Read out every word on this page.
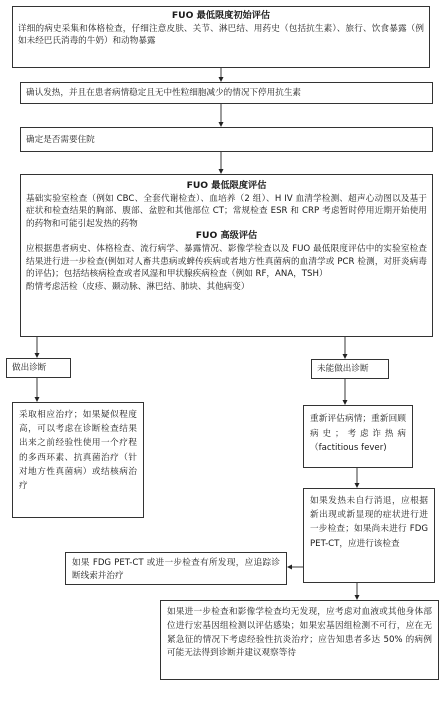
FUO 最低限度初始评估

详细的病史采集和体格检查，仔细注意皮肤、关节、淋巴结、用药史（包括抗生素）、旅行、饮食暴露（例如未经巴氏消毒的牛奶）和动物暴露

确认发热，并且在患者病情稳定且无中性粒细胞减少的情况下停用抗生素

确定是否需要住院

FUO 最低限度评估

基础实验室检查（例如 CBC、全套代谢检查）、血培养（2 组）、H IV 血清学检测、超声心动图以及基于症状和检查结果的胸部、腹部、盆腔和其他部位 CT；常规检查 ESR 和 CRP 考虑暂时停用近期开始使用的药物和可能引起发热的药物

FUO 高级评估

应根据患者病史、体格检查、流行病学、暴露情况、影像学检查以及 FUO 最低限度评估中的实验室检查结果进行进一步检查(例如对人畜共患病或蜱传疾病或者地方性真菌病的血清学或 PCR 检测，对肝炎病毒的评估)；包括结核病检查或者风湿和甲状腺疾病检查（例如 RF，ANA，TSH）

酌情考虑活检（皮疹、颞动脉、淋巴结、肺块、其他病变）

做出诊断	未能做出诊断

采取相应治疗；如果疑似程度高，可以考虑在诊断检查结果出来之前经验性使用一个疗程的多西环素、抗真菌治疗（针对地方性真菌病）或结核病治疗

重新评估病情；重新回顾病史；考虑诈热病（factitious fever)

如果发热未自行消退，应根据新出现或新显现的症状进行进一步检查；如果尚未进行 FDG PET-CT，应进行该检查

如果 FDG PET-CT 或进一步检查有所发现，应追踪诊断线索并治疗

如果进一步检查和影像学检查均无发现，应考虑对血液或其他身体部位进行宏基因组检测以评估感染；如果宏基因组检测不可行，应在无紧急征的情况下考虑经验性抗炎治疗；应告知患者多达 50% 的病例可能无法得到诊断并建议观察等待
